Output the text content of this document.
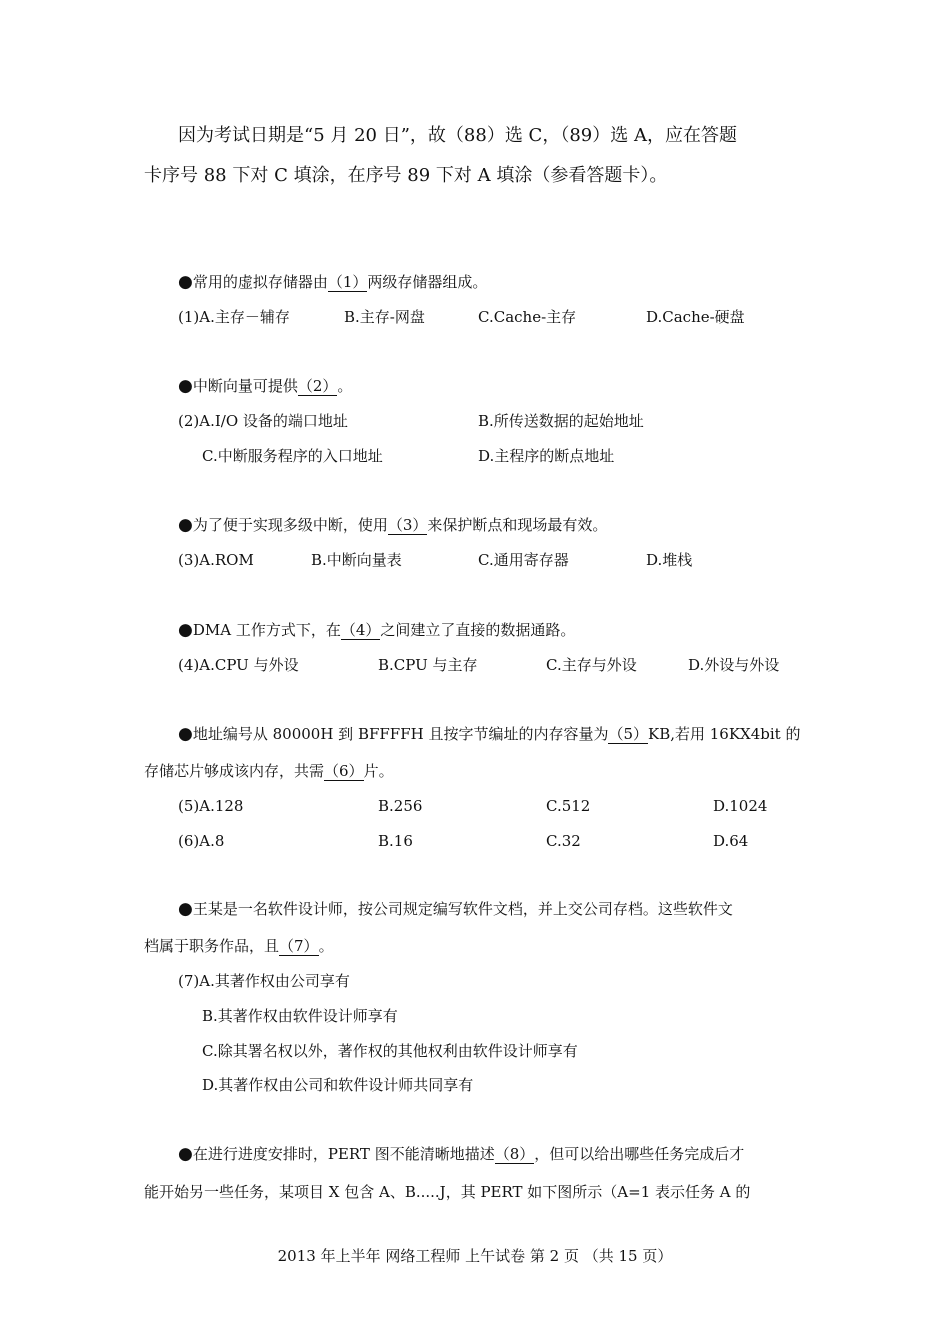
因为考试日期是“5 月 20 日”，故（88）选 C，（89）选 A，应在答题
卡序号 88 下对 C 填涂，在序号 89 下对 A 填涂（参看答题卡）。
●常用的虚拟存储器由（1）两级存储器组成。
(1)A.主存－辅存	B.主存-网盘	C.Cache-主存	D.Cache-硬盘
●中断向量可提供（2）。
(2)A.I/O 设备的端口地址	B.所传送数据的起始地址
C.中断服务程序的入口地址	D.主程序的断点地址
●为了便于实现多级中断，使用（3）来保护断点和现场最有效。
(3)A.ROM	B.中断向量表	C.通用寄存器	D.堆栈
●DMA 工作方式下，在（4）之间建立了直接的数据通路。
(4)A.CPU 与外设	B.CPU 与主存	C.主存与外设	D.外设与外设
●地址编号从 80000H 到 BFFFFH 且按字节编址的内存容量为（5）KB,若用 16KX4bit 的
存储芯片够成该内存，共需（6）片。
(5)A.128	B.256	C.512	D.1024
(6)A.8	B.16	C.32	D.64
●王某是一名软件设计师，按公司规定编写软件文档，并上交公司存档。这些软件文
档属于职务作品，且（7）。
(7)A.其著作权由公司享有
B.其著作权由软件设计师享有
C.除其署名权以外，著作权的其他权利由软件设计师享有
D.其著作权由公司和软件设计师共同享有
●在进行进度安排时，PERT 图不能清晰地描述（8），但可以给出哪些任务完成后才
能开始另一些任务，某项目 X 包含 A、B.....J，其 PERT 如下图所示（A=1 表示任务 A 的
2013 年上半年 网络工程师 上午试卷 第 2 页 （共 15 页）
